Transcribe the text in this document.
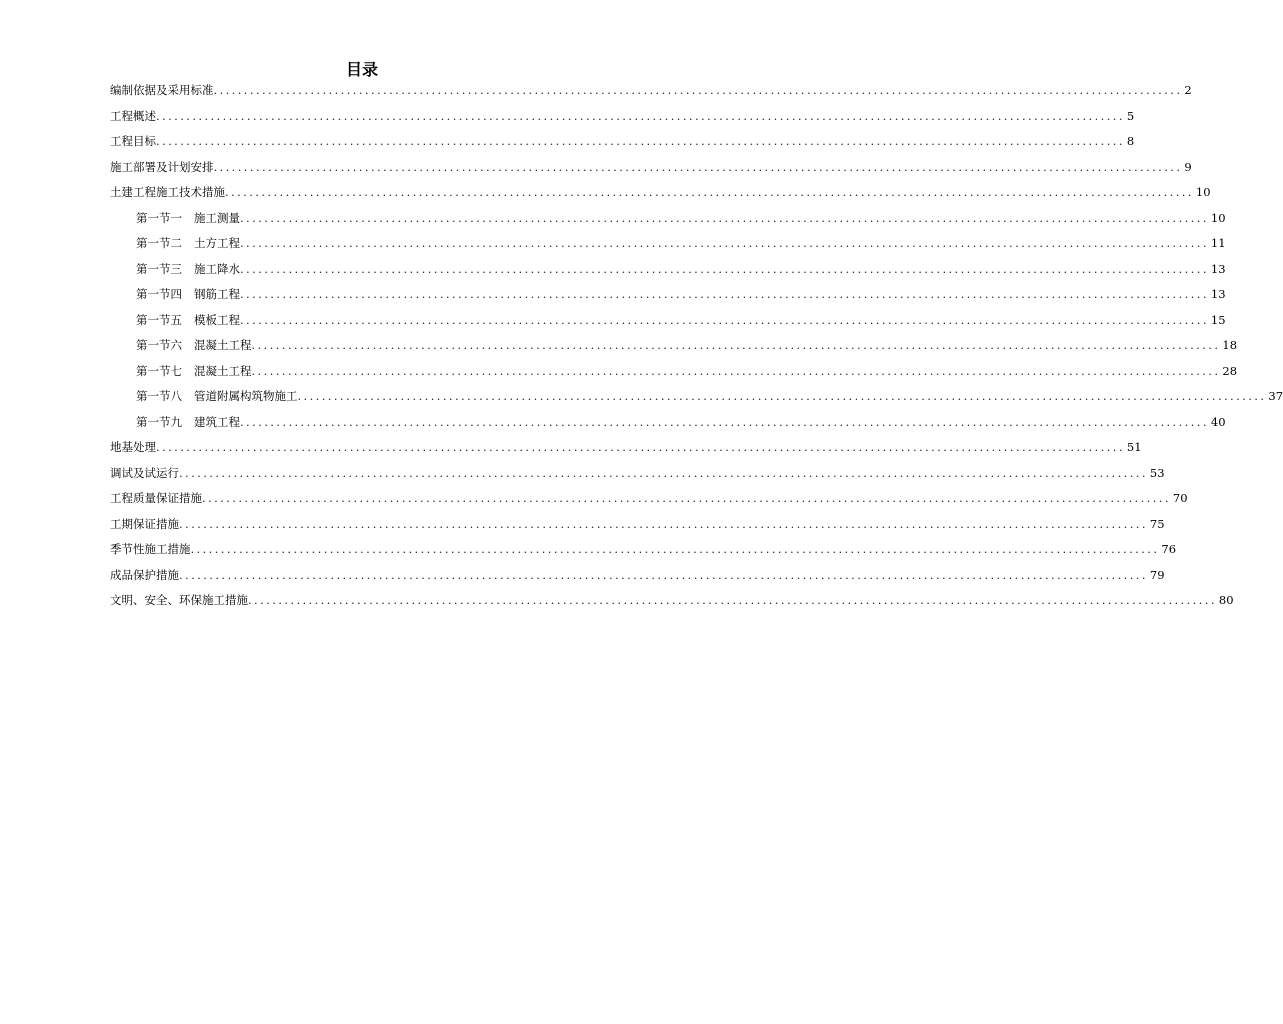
目录
编制依据及采用标准 ................................................................................................................................................................ 2
工程概述 ................................................................................................................................................................ 5
工程目标 ................................................................................................................................................................ 8
施工部署及计划安排 ................................................................................................................................................................ 9
土建工程施工技术措施 ................................................................................................................................................................ 10
第一节一 施工测量 ................................................................................................................................................................ 10
第一节二 土方工程 ................................................................................................................................................................ 11
第一节三 施工降水 ................................................................................................................................................................ 13
第一节四 钢筋工程 ................................................................................................................................................................ 13
第一节五 模板工程 ................................................................................................................................................................ 15
第一节六 混凝土工程 ................................................................................................................................................................ 18
第一节七 混凝土工程 ................................................................................................................................................................ 28
第一节八 管道附属构筑物施工 ................................................................................................................................................................ 37
第一节九 建筑工程 ................................................................................................................................................................ 40
地基处理 ................................................................................................................................................................ 51
调试及试运行 ................................................................................................................................................................ 53
工程质量保证措施 ................................................................................................................................................................ 70
工期保证措施 ................................................................................................................................................................ 75
季节性施工措施 ................................................................................................................................................................ 76
成品保护措施 ................................................................................................................................................................ 79
文明、安全、环保施工措施 ................................................................................................................................................................ 80
